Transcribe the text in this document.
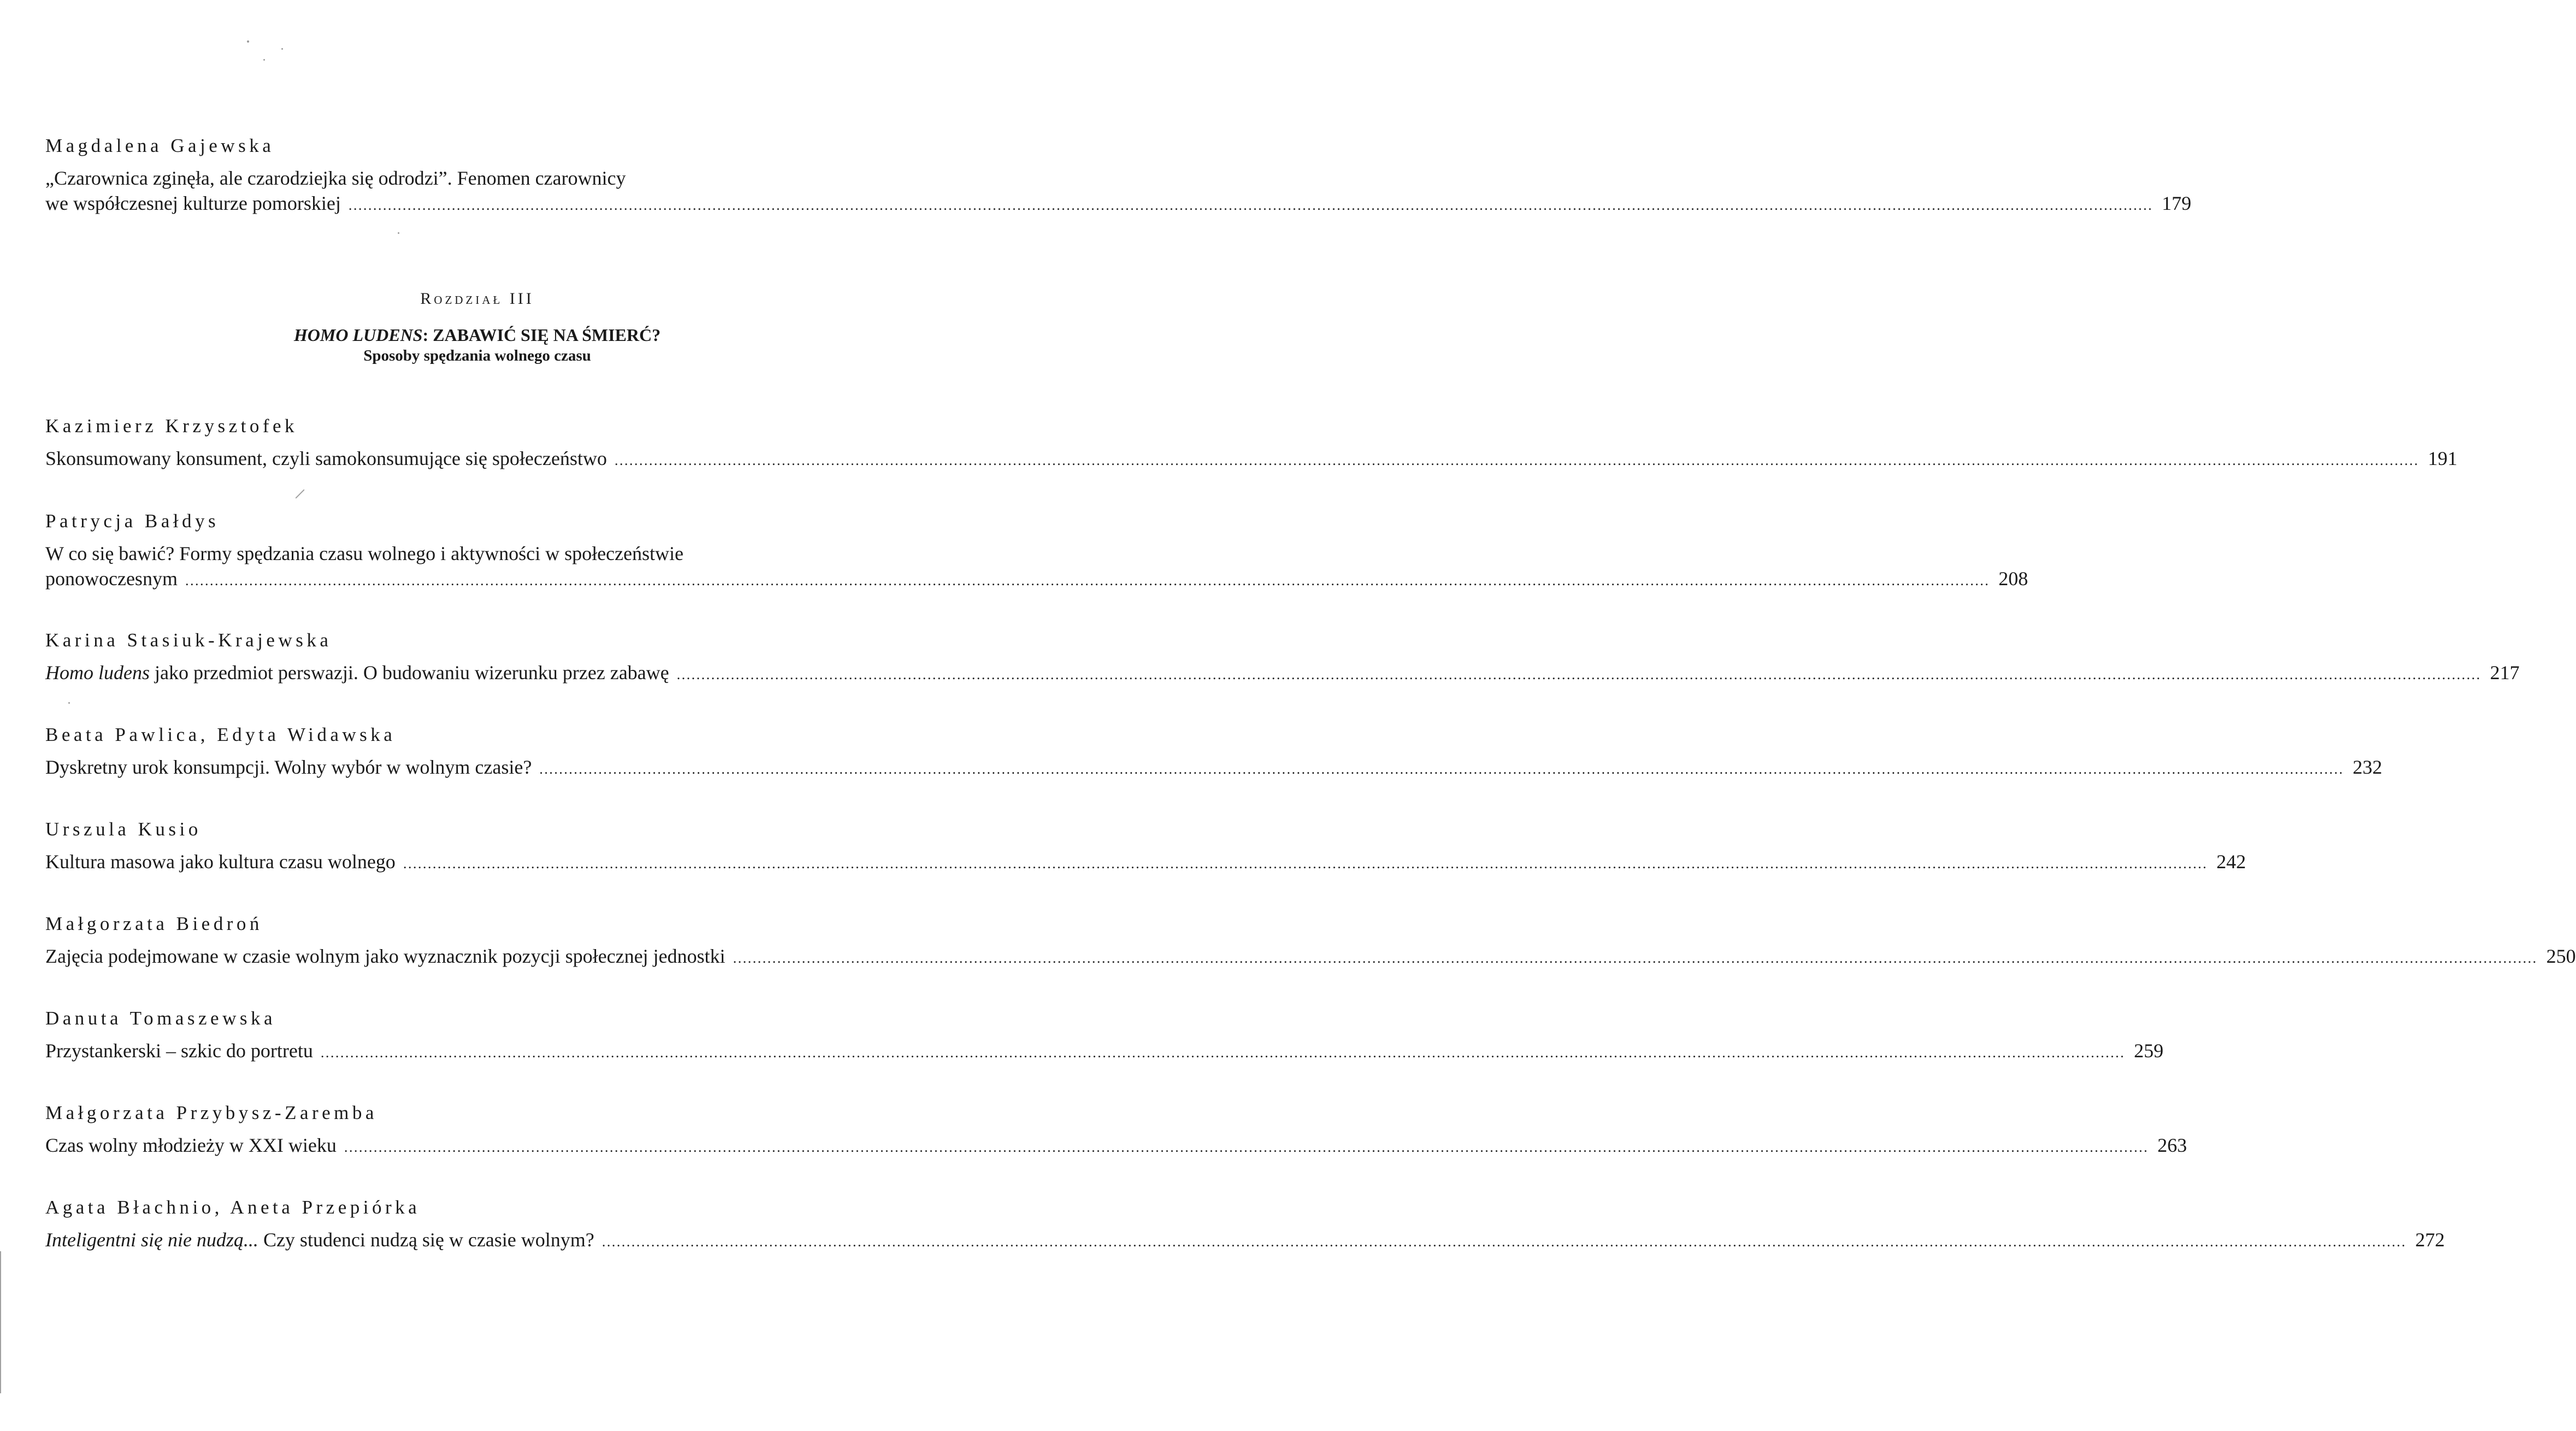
Magdalena Gajewska
„Czarownica zginęła, ale czarodziejka się odrodzi”. Fenomen czarownicy
we współczesnej kulturze pomorskiej ............................................................................................................................................................................................................................................................................................................................................................................... 179
Rozdział III
HOMO LUDENS: ZABAWIĆ SIĘ NA ŚMIERĆ?
Sposoby spędzania wolnego czasu
Kazimierz Krzysztofek
Skonsumowany konsument, czyli samokonsumujące się społeczeństwo ............................................................................................................................................................................................................................................................................................................................................................................... 191
Patrycja Bałdys
W co się bawić? Formy spędzania czasu wolnego i aktywności w społeczeństwie
ponowoczesnym ............................................................................................................................................................................................................................................................................................................................................................................... 208
Karina Stasiuk-Krajewska
Homo ludens jako przedmiot perswazji. O budowaniu wizerunku przez zabawę ............................................................................................................................................................................................................................................................................................................................................................................... 217
Beata Pawlica, Edyta Widawska
Dyskretny urok konsumpcji. Wolny wybór w wolnym czasie? ............................................................................................................................................................................................................................................................................................................................................................................... 232
Urszula Kusio
Kultura masowa jako kultura czasu wolnego ............................................................................................................................................................................................................................................................................................................................................................................... 242
Małgorzata Biedroń
Zajęcia podejmowane w czasie wolnym jako wyznacznik pozycji społecznej jednostki ............................................................................................................................................................................................................................................................................................................................................................................... 250
Danuta Tomaszewska
Przystankerski – szkic do portretu ............................................................................................................................................................................................................................................................................................................................................................................... 259
Małgorzata Przybysz-Zaremba
Czas wolny młodzieży w XXI wieku ............................................................................................................................................................................................................................................................................................................................................................................... 263
Agata Błachnio, Aneta Przepiórka
Inteligentni się nie nudzą... Czy studenci nudzą się w czasie wolnym? ............................................................................................................................................................................................................................................................................................................................................................................... 272
